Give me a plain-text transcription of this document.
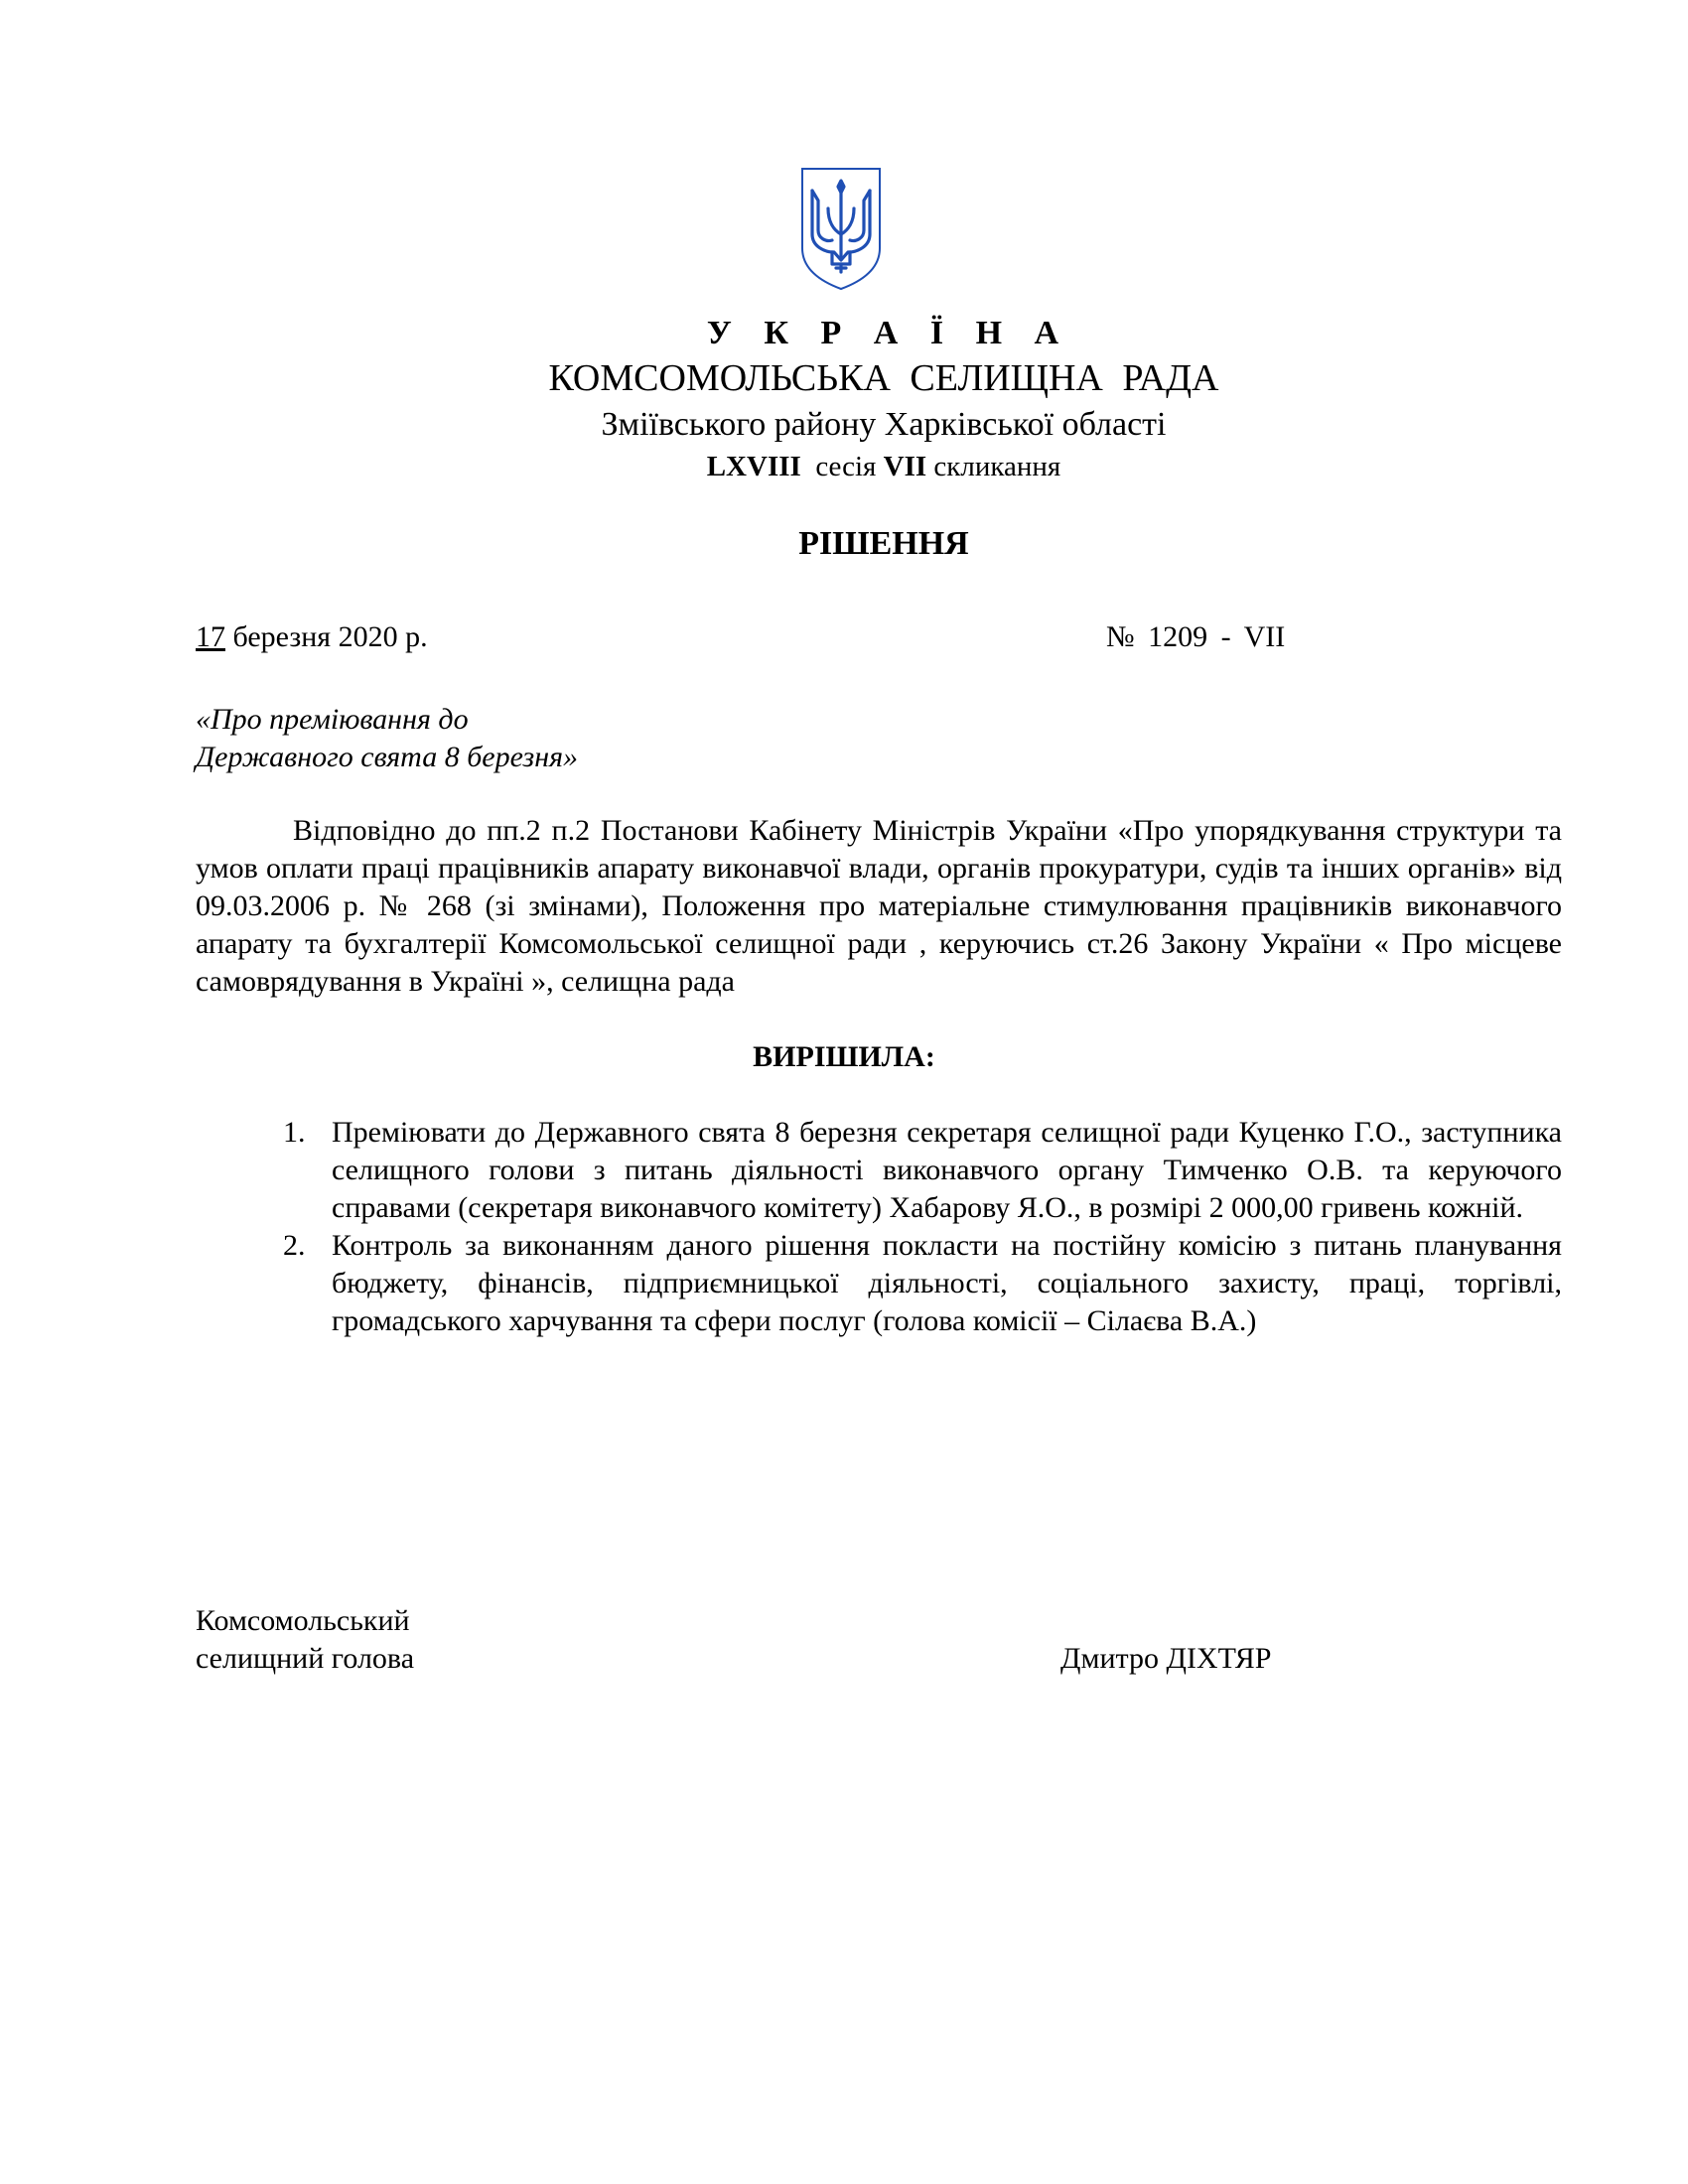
У К Р А Ї Н А
КОМСОМОЛЬСЬКА СЕЛИЩНА РАДА
Зміївського району Харківської області
LXVIII сесія VII скликання
РІШЕННЯ
17 березня 2020 р.	№ 1209 - VII
«Про преміювання до
Державного свята 8 березня»

Відповідно до пп.2 п.2 Постанови Кабінету Міністрів України «Про упорядкування структури та умов оплати праці працівників апарату виконавчої влади, органів прокуратури, судів та інших органів» від 09.03.2006 р. № 268 (зі змінами), Положення про матеріальне стимулювання працівників виконавчого апарату та бухгалтерії Комсомольської селищної ради , керуючись ст.26 Закону України « Про місцеве самоврядування в Україні », селищна рада

ВИРІШИЛА:
1. Преміювати до Державного свята 8 березня секретаря селищної ради Куценко Г.О., заступника селищного голови з питань діяльності виконавчого органу Тимченко О.В. та керуючого справами (секретаря виконавчого комітету) Хабарову Я.О., в розмірі 2 000,00 гривень кожній.
2. Контроль за виконанням даного рішення покласти на постійну комісію з питань планування бюджету, фінансів, підприємницької діяльності, соціального захисту, праці, торгівлі, громадського харчування та сфери послуг (голова комісії – Сілаєва В.А.)
Комсомольський
селищний голова	Дмитро ДІХТЯР
